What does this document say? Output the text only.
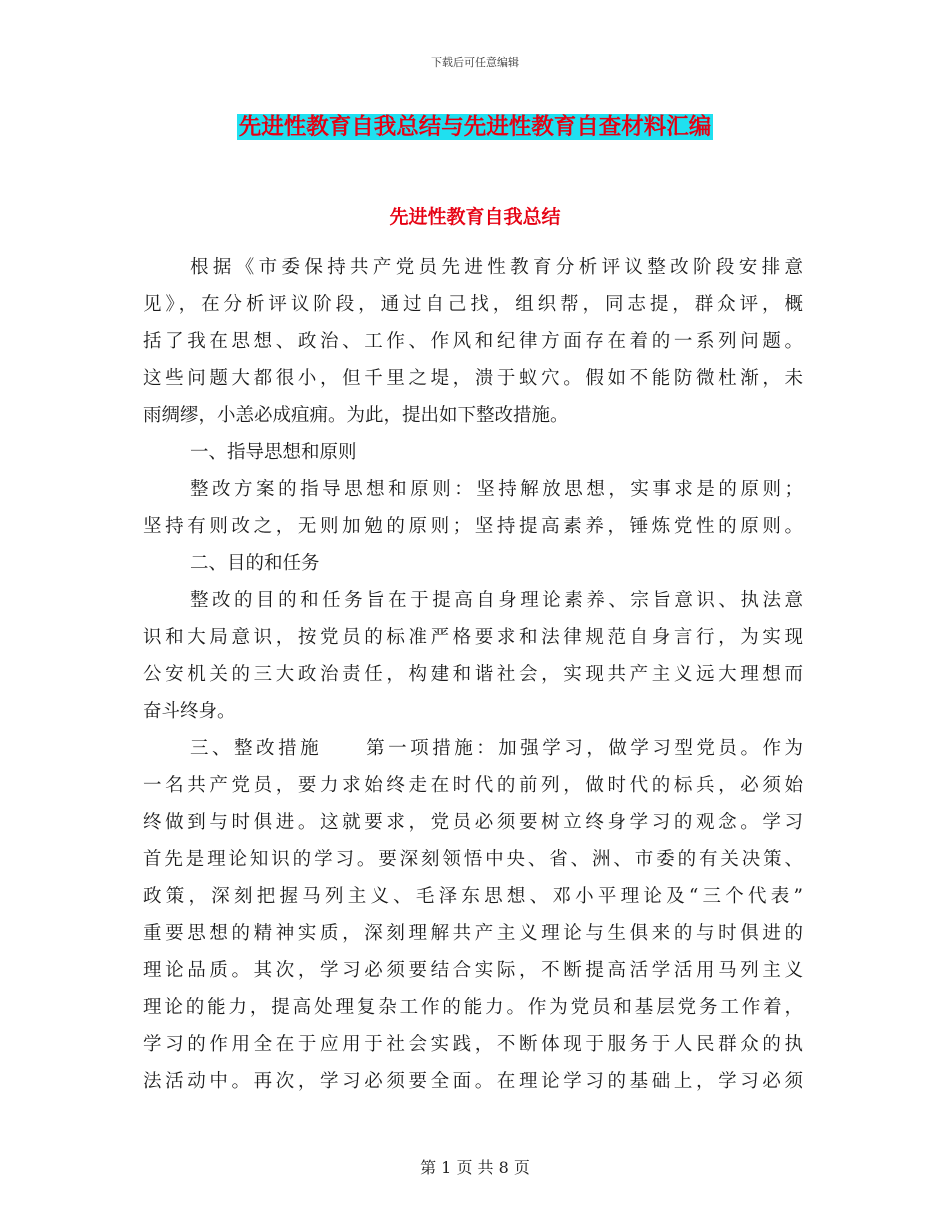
下载后可任意编辑
先进性教育自我总结与先进性教育自查材料汇编
先进性教育自我总结
根据《市委保持共产党员先进性教育分析评议整改阶段安排意
见》，在分析评议阶段，通过自己找，组织帮，同志提，群众评，概
括了我在思想、政治、工作、作风和纪律方面存在着的一系列问题。
这些问题大都很小，但千里之堤，溃于蚁穴。假如不能防微杜渐，未
雨绸缪，小恙必成疽痈。为此，提出如下整改措施。
一、指导思想和原则
整改方案的指导思想和原则：坚持解放思想，实事求是的原则；
坚持有则改之，无则加勉的原则；坚持提高素养，锤炼党性的原则。
二、目的和任务
整改的目的和任务旨在于提高自身理论素养、宗旨意识、执法意
识和大局意识，按党员的标准严格要求和法律规范自身言行，为实现
公安机关的三大政治责任，构建和谐社会，实现共产主义远大理想而
奋斗终身。
三、整改措施　　第一项措施：加强学习，做学习型党员。作为
一名共产党员，要力求始终走在时代的前列，做时代的标兵，必须始
终做到与时俱进。这就要求，党员必须要树立终身学习的观念。学习
首先是理论知识的学习。要深刻领悟中央、省、洲、市委的有关决策、
政策，深刻把握马列主义、毛泽东思想、邓小平理论及“三个代表”
重要思想的精神实质，深刻理解共产主义理论与生俱来的与时俱进的
理论品质。其次，学习必须要结合实际，不断提高活学活用马列主义
理论的能力，提高处理复杂工作的能力。作为党员和基层党务工作着，
学习的作用全在于应用于社会实践，不断体现于服务于人民群众的执
法活动中。再次，学习必须要全面。在理论学习的基础上，学习必须
第 1 页 共 8 页
